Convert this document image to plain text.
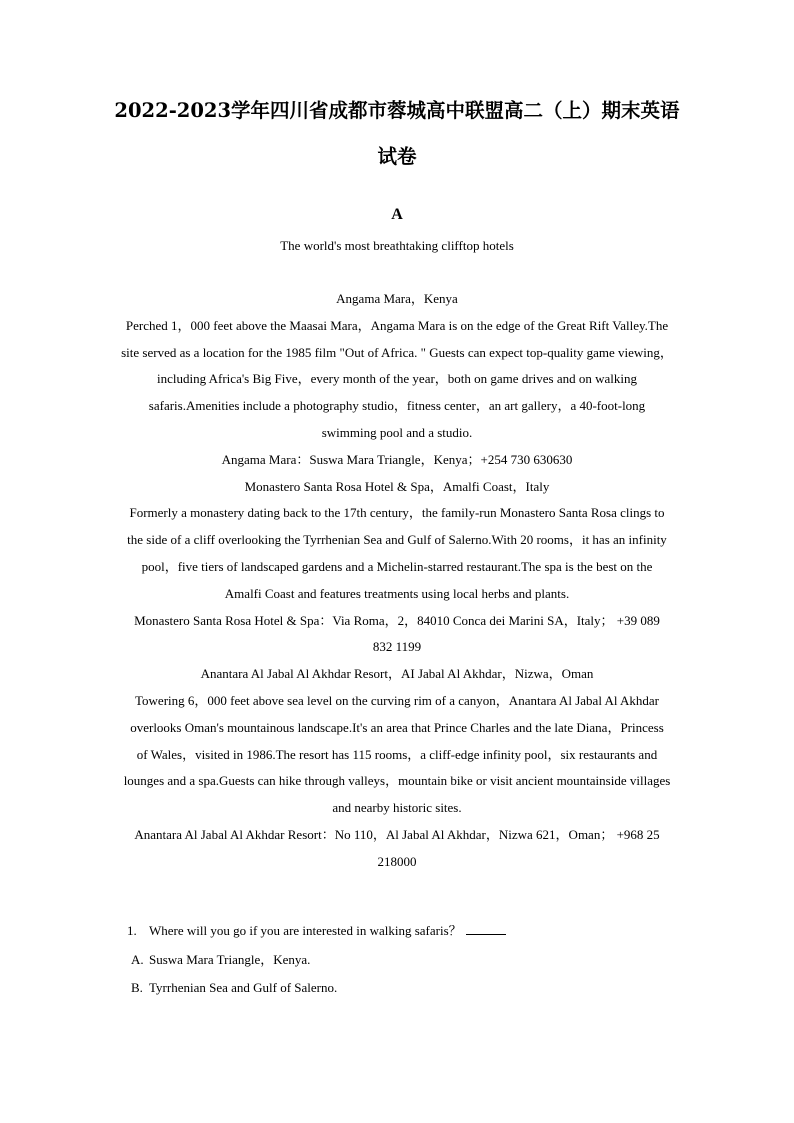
2022-2023学年四川省成都市蓉城高中联盟高二（上）期末英语
试卷
A
The world's most breathtaking clifftop hotels
Angama Mara，Kenya
Perched 1，000 feet above the Maasai Mara，Angama Mara is on the edge of the Great Rift Valley.The
site served as a location for the 1985 film "Out of Africa. " Guests can expect top-quality game viewing，
including Africa's Big Five，every month of the year，both on game drives and on walking
safaris.Amenities include a photography studio，fitness center，an art gallery，a 40-foot-long
swimming pool and a studio.
Angama Mara：Suswa Mara Triangle，Kenya；+254 730 630630
Monastero Santa Rosa Hotel & Spa，Amalfi Coast，Italy
Formerly a monastery dating back to the 17th century，the family-run Monastero Santa Rosa clings to
the side of a cliff overlooking the Tyrrhenian Sea and Gulf of Salerno.With 20 rooms，it has an infinity
pool，five tiers of landscaped gardens and a Michelin-starred restaurant.The spa is the best on the
Amalfi Coast and features treatments using local herbs and plants.
Monastero Santa Rosa Hotel & Spa：Via Roma，2，84010 Conca dei Marini SA，Italy； +39 089
832 1199
Anantara Al Jabal Al Akhdar Resort，AI Jabal Al Akhdar，Nizwa，Oman
Towering 6，000 feet above sea level on the curving rim of a canyon，Anantara Al Jabal Al Akhdar
overlooks Oman's mountainous landscape.It's an area that Prince Charles and the late Diana，Princess
of Wales，visited in 1986.The resort has 115 rooms，a cliff-edge infinity pool，six restaurants and
lounges and a spa.Guests can hike through valleys，mountain bike or visit ancient mountainside villages
and nearby historic sites.
Anantara Al Jabal Al Akhdar Resort：No 110，Al Jabal Al Akhdar，Nizwa 621，Oman； +968 25
218000
1. Where will you go if you are interested in walking safaris？
A. Suswa Mara Triangle，Kenya.
B. Tyrrhenian Sea and Gulf of Salerno.
